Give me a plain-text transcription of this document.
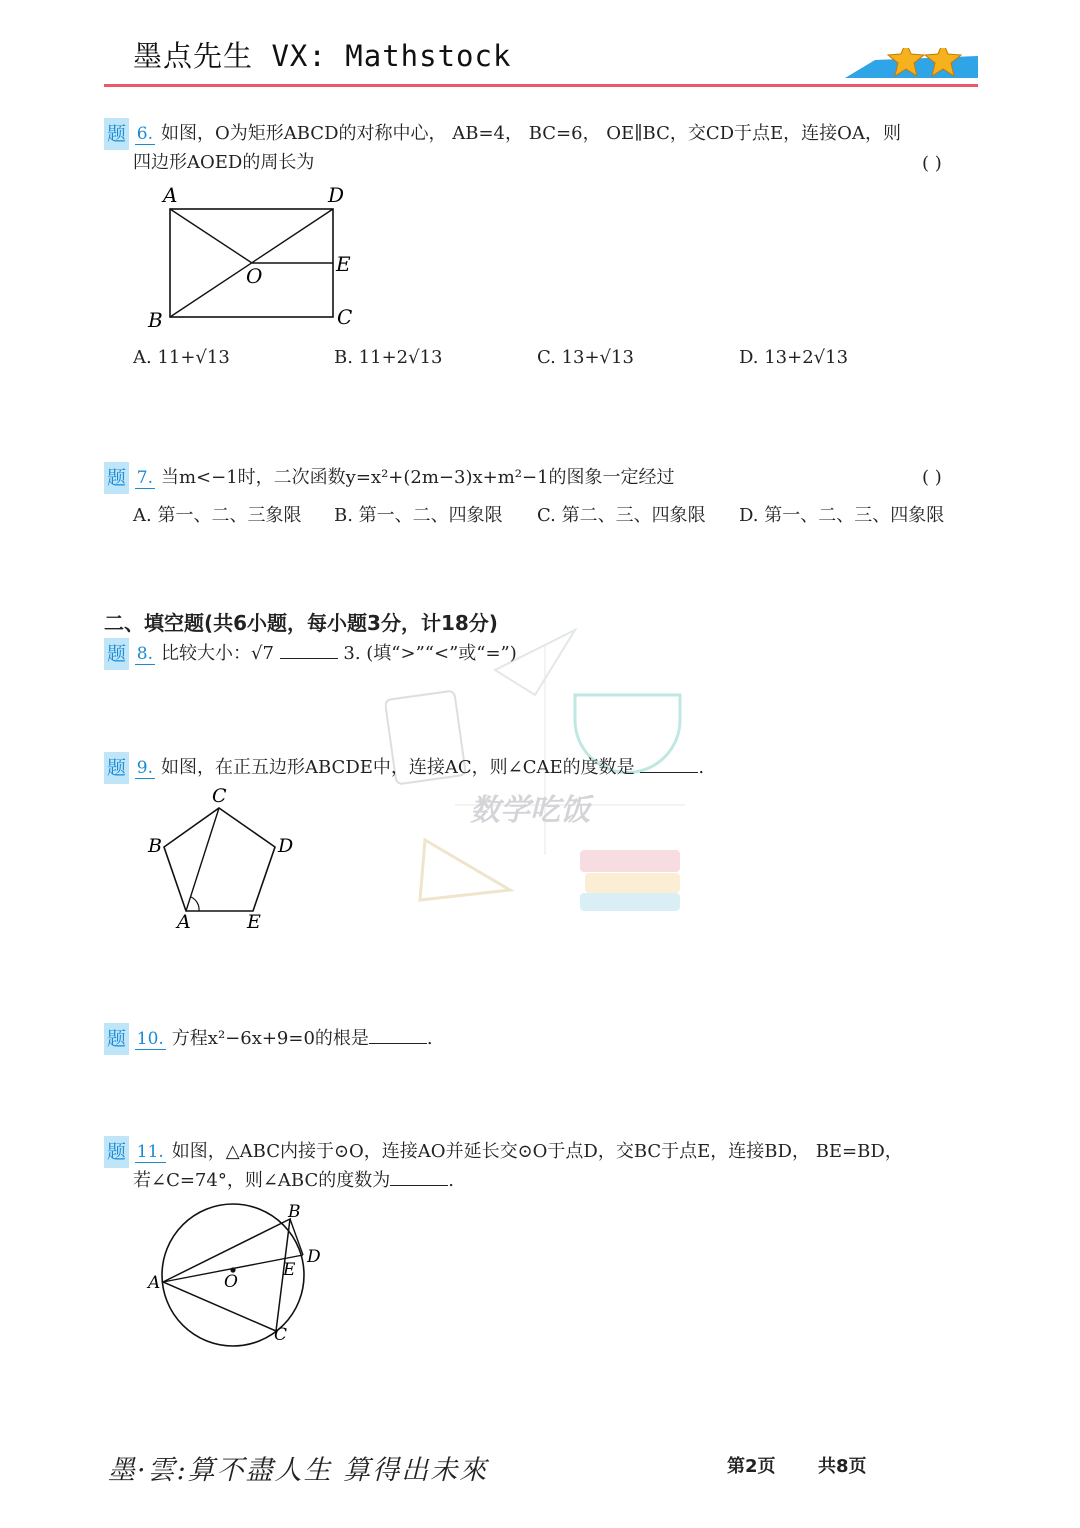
墨点先生 VX: Mathstock
题 6. 如图，O为矩形ABCD的对称中心， AB=4， BC=6， OE∥BC，交CD于点E，连接OA，则
四边形AOED的周长为	( )
A	D
E
O
B	C
A. 11+√13	B. 11+2√13	C. 13+√13	D. 13+2√13
题 7. 当m<−1时，二次函数y=x²+(2m−3)x+m²−1的图象一定经过	( )
A. 第一、二、三象限 B. 第一、二、四象限 C. 第二、三、四象限 D. 第一、二、三、四象限
二、填空题(共6小题，每小题3分，计18分)
题 8. 比较大小：√7	3. (填“>”“<”或“=”)
数学吃饭
题 9. 如图，在正五边形ABCDE中，连接AC，则∠CAE的度数是	.
C
B	D
A	E
题 10. 方程x²−6x+9=0的根是	.
题 11. 如图，△ABC内接于⊙O，连接AO并延长交⊙O于点D，交BC于点E，连接BD， BE=BD，
若∠C=74°，则∠ABC的度数为	.
B
D
E
O
A
C
墨·雲:算不盡人生 算得出未來	第2页 共8页
